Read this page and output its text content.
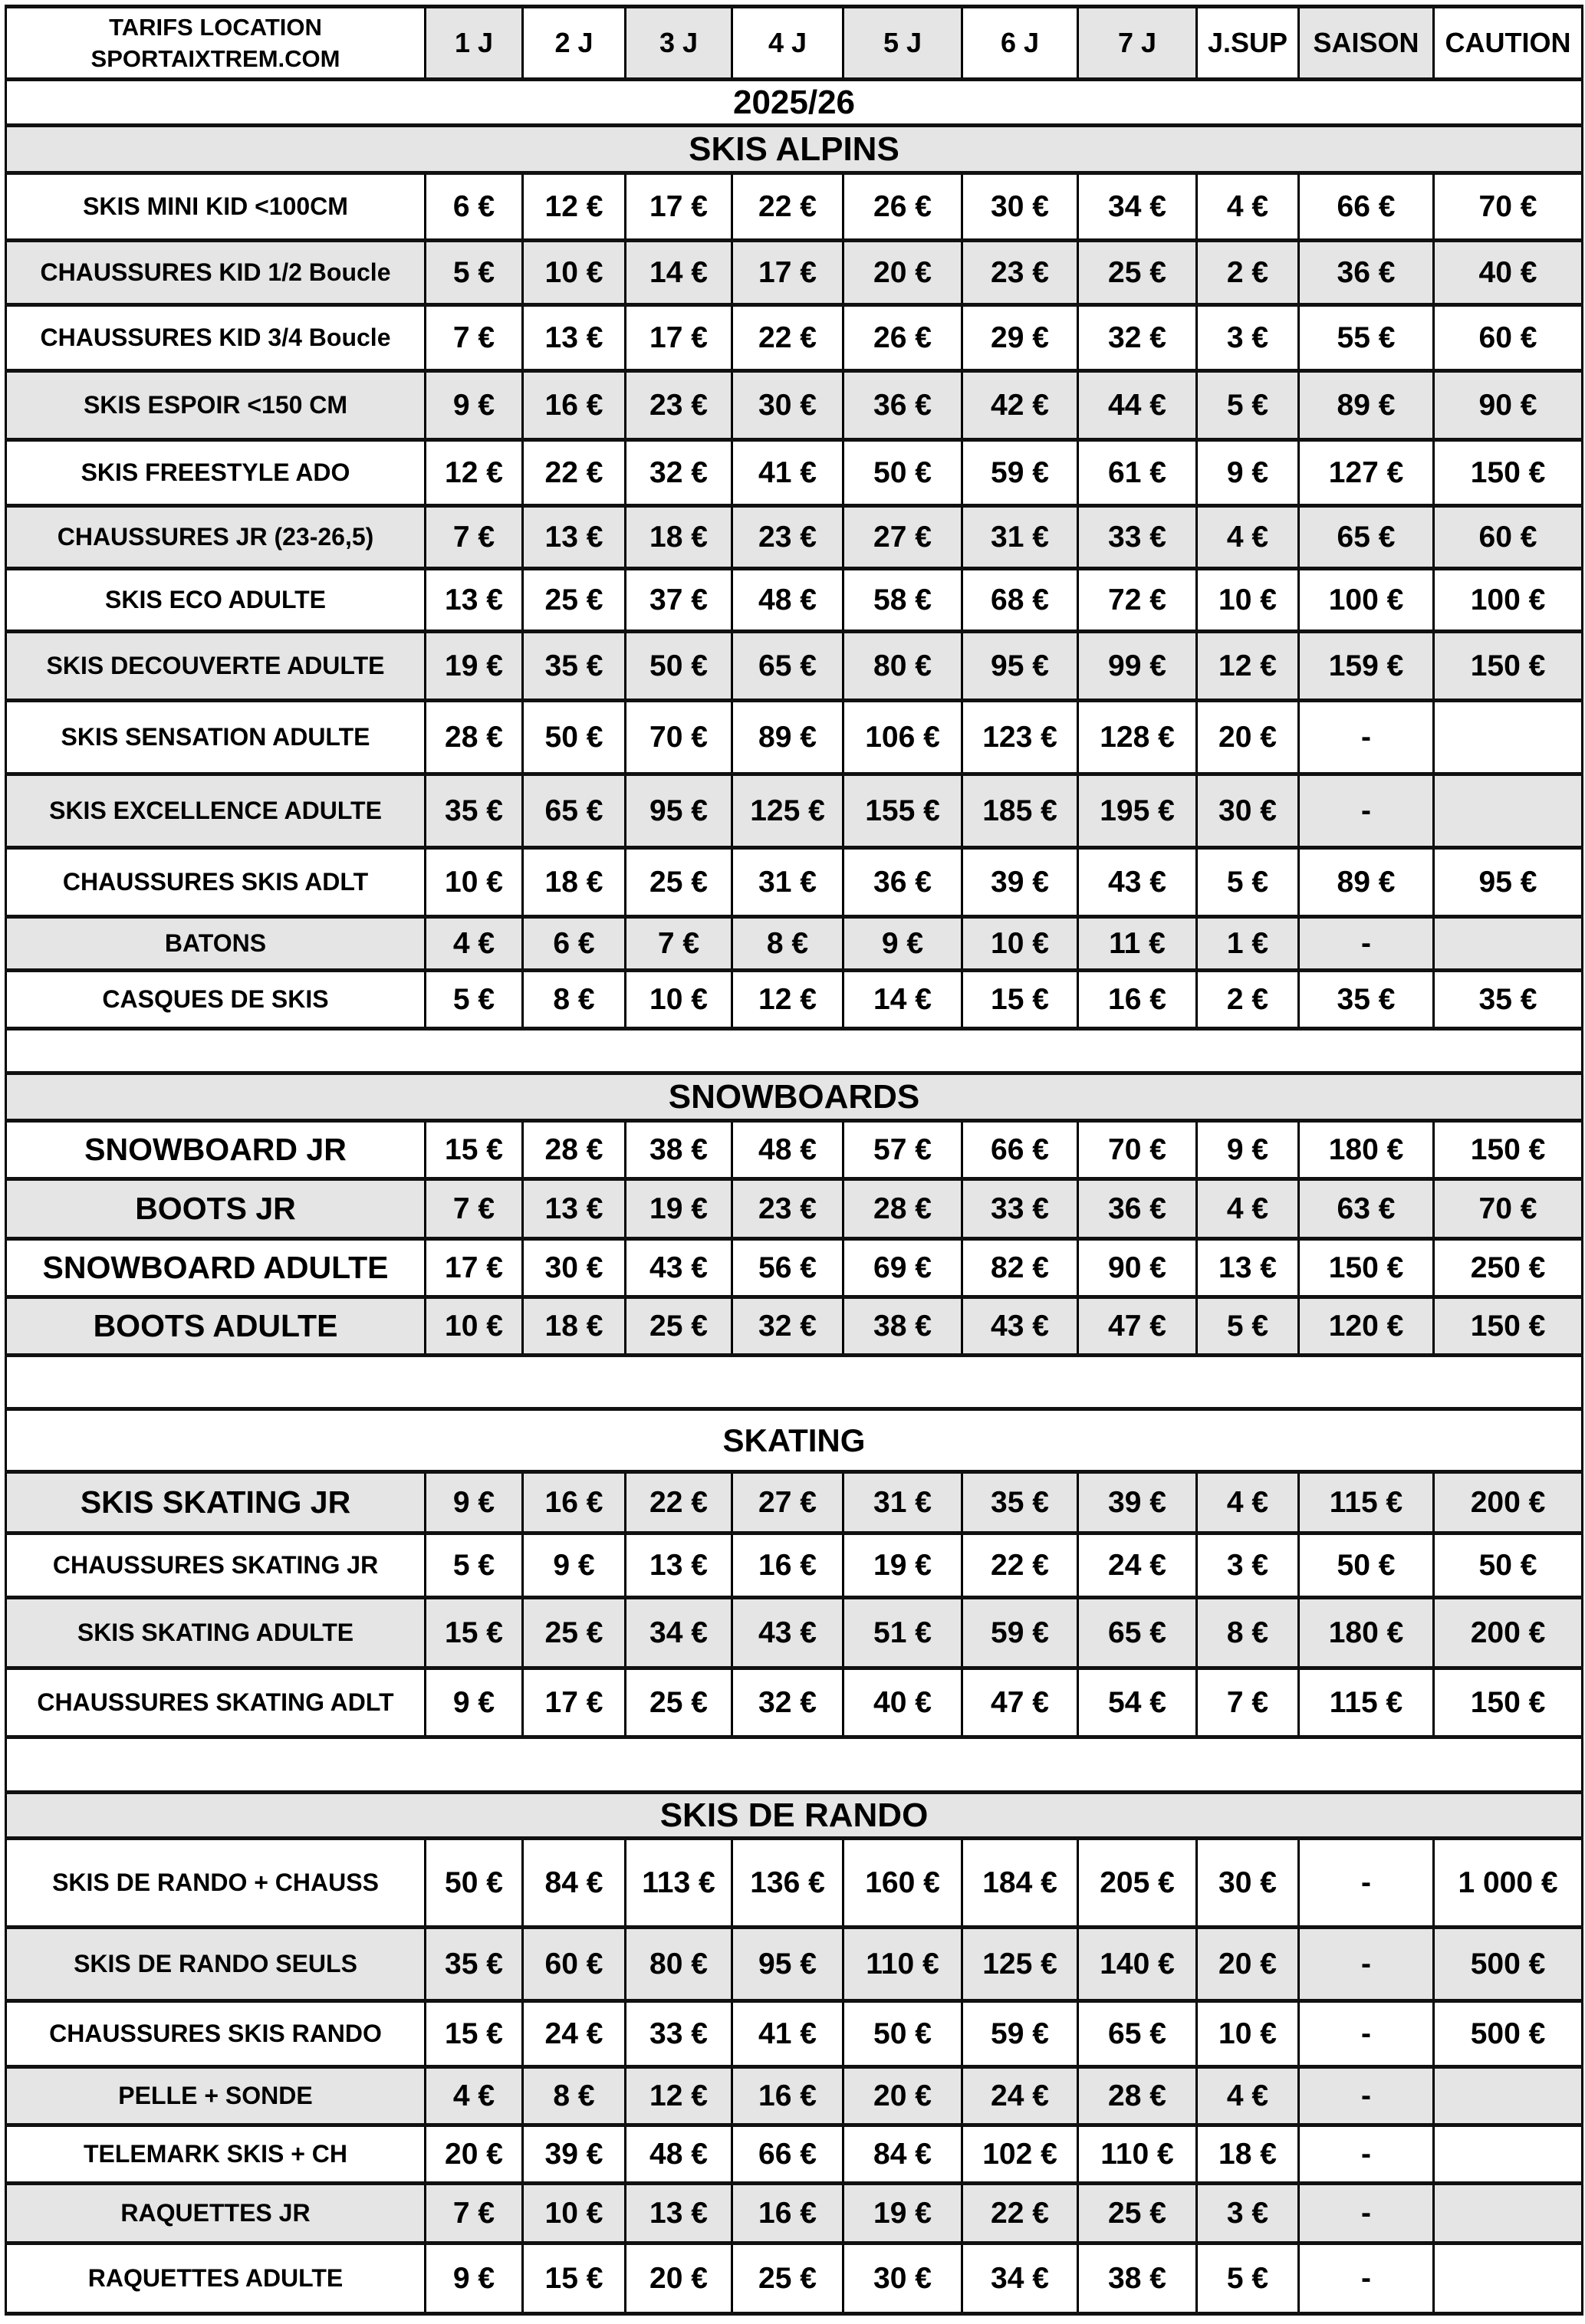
TARIFS LOCATION
SPORTAIXTREM.COM	1 J	2 J	3 J	4 J	5 J	6 J	7 J	J.SUP	SAISON	CAUTION
2025/26										
SKIS ALPINS										
SKIS MINI KID <100CM	6 €	12 €	17 €	22 €	26 €	30 €	34 €	4 €	66 €	70 €
CHAUSSURES KID 1/2 Boucle	5 €	10 €	14 €	17 €	20 €	23 €	25 €	2 €	36 €	40 €
CHAUSSURES KID 3/4 Boucle	7 €	13 €	17 €	22 €	26 €	29 €	32 €	3 €	55 €	60 €
SKIS ESPOIR <150 CM	9 €	16 €	23 €	30 €	36 €	42 €	44 €	5 €	89 €	90 €
SKIS FREESTYLE ADO	12 €	22 €	32 €	41 €	50 €	59 €	61 €	9 €	127 €	150 €
CHAUSSURES JR (23-26,5)	7 €	13 €	18 €	23 €	27 €	31 €	33 €	4 €	65 €	60 €
SKIS ECO ADULTE	13 €	25 €	37 €	48 €	58 €	68 €	72 €	10 €	100 €	100 €
SKIS DECOUVERTE ADULTE	19 €	35 €	50 €	65 €	80 €	95 €	99 €	12 €	159 €	150 €
SKIS SENSATION ADULTE	28 €	50 €	70 €	89 €	106 €	123 €	128 €	20 €	-	
SKIS EXCELLENCE ADULTE	35 €	65 €	95 €	125 €	155 €	185 €	195 €	30 €	-	
CHAUSSURES SKIS ADLT	10 €	18 €	25 €	31 €	36 €	39 €	43 €	5 €	89 €	95 €
BATONS	4 €	6 €	7 €	8 €	9 €	10 €	11 €	1 €	-	
CASQUES DE SKIS	5 €	8 €	10 €	12 €	14 €	15 €	16 €	2 €	35 €	35 €

SNOWBOARDS										
SNOWBOARD JR	15 €	28 €	38 €	48 €	57 €	66 €	70 €	9 €	180 €	150 €
BOOTS JR	7 €	13 €	19 €	23 €	28 €	33 €	36 €	4 €	63 €	70 €
SNOWBOARD ADULTE	17 €	30 €	43 €	56 €	69 €	82 €	90 €	13 €	150 €	250 €
BOOTS ADULTE	10 €	18 €	25 €	32 €	38 €	43 €	47 €	5 €	120 €	150 €

SKATING										
SKIS SKATING JR	9 €	16 €	22 €	27 €	31 €	35 €	39 €	4 €	115 €	200 €
CHAUSSURES SKATING JR	5 €	9 €	13 €	16 €	19 €	22 €	24 €	3 €	50 €	50 €
SKIS SKATING ADULTE	15 €	25 €	34 €	43 €	51 €	59 €	65 €	8 €	180 €	200 €
CHAUSSURES SKATING ADLT	9 €	17 €	25 €	32 €	40 €	47 €	54 €	7 €	115 €	150 €

SKIS DE RANDO										
SKIS DE RANDO + CHAUSS	50 €	84 €	113 €	136 €	160 €	184 €	205 €	30 €	-	1 000 €
SKIS DE RANDO SEULS	35 €	60 €	80 €	95 €	110 €	125 €	140 €	20 €	-	500 €
CHAUSSURES SKIS RANDO	15 €	24 €	33 €	41 €	50 €	59 €	65 €	10 €	-	500 €
PELLE + SONDE	4 €	8 €	12 €	16 €	20 €	24 €	28 €	4 €	-	
TELEMARK SKIS + CH	20 €	39 €	48 €	66 €	84 €	102 €	110 €	18 €	-	
RAQUETTES JR	7 €	10 €	13 €	16 €	19 €	22 €	25 €	3 €	-	
RAQUETTES ADULTE	9 €	15 €	20 €	25 €	30 €	34 €	38 €	5 €	-	
